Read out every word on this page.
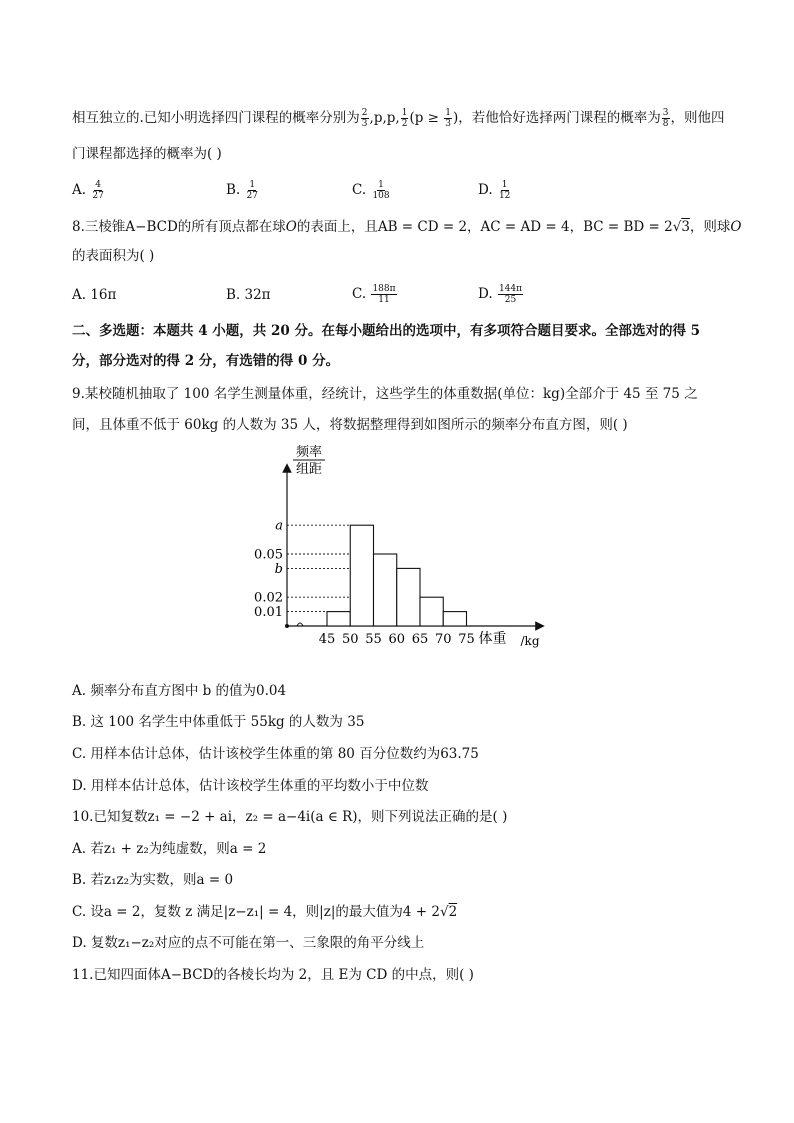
相互独立的.已知小明选择四门课程的概率分别为 $\frac{2}{3} ,p,p$, $\frac{1}{2} (p \ge \frac{1}{3}$ )，若他恰好选择两门课程的概率为 $\frac{3}{8}$ ，则他四
门课程都选择的概率为( )
A. $\frac{4}{27}$	B. $\frac{1}{27}$	C. $\frac{1}{108}$	D. $\frac{1}{12}$
8.三棱锥A−BCD的所有顶点都在球O的表面上，且AB = CD = 2，AC = AD = 4，BC = BD = 2√3，则球O
的表面积为( )
A. 16π	B. 32π	C. $\frac{188\pi}{11}$	D. $\frac{144\pi}{25}$
二、多选题：本题共 4 小题，共 20 分。在每小题给出的选项中，有多项符合题目要求。全部选对的得 5
分，部分选对的得 2 分，有选错的得 0 分。
9.某校随机抽取了 100 名学生测量体重，经统计，这些学生的体重数据(单位：kg)全部介于 45 至 75 之
间，且体重不低于 60kg 的人数为 35 人，将数据整理得到如图所示的频率分布直方图，则( )
频率
组距
a
0.05
b
0.02
0.01
45 50 55 60 65 70 75 体重 /kg
A. 频率分布直方图中 b 的值为0.04
B. 这 100 名学生中体重低于 55kg 的人数为 35
C. 用样本估计总体，估计该校学生体重的第 80 百分位数约为63.75
D. 用样本估计总体，估计该校学生体重的平均数小于中位数
10.已知复数z₁ = −2 + ai，z₂ = a−4i(a ∈ R)，则下列说法正确的是( )
A. 若z₁ + z₂为纯虚数，则a = 2
B. 若z₁z₂为实数，则a = 0
C. 设a = 2，复数 z 满足|z−z₁| = 4，则|z|的最大值为4 + 2√2
D. 复数z₁−z₂对应的点不可能在第一、三象限的角平分线上
11.已知四面体A−BCD的各棱长均为 2，且 E为 CD 的中点，则( )
